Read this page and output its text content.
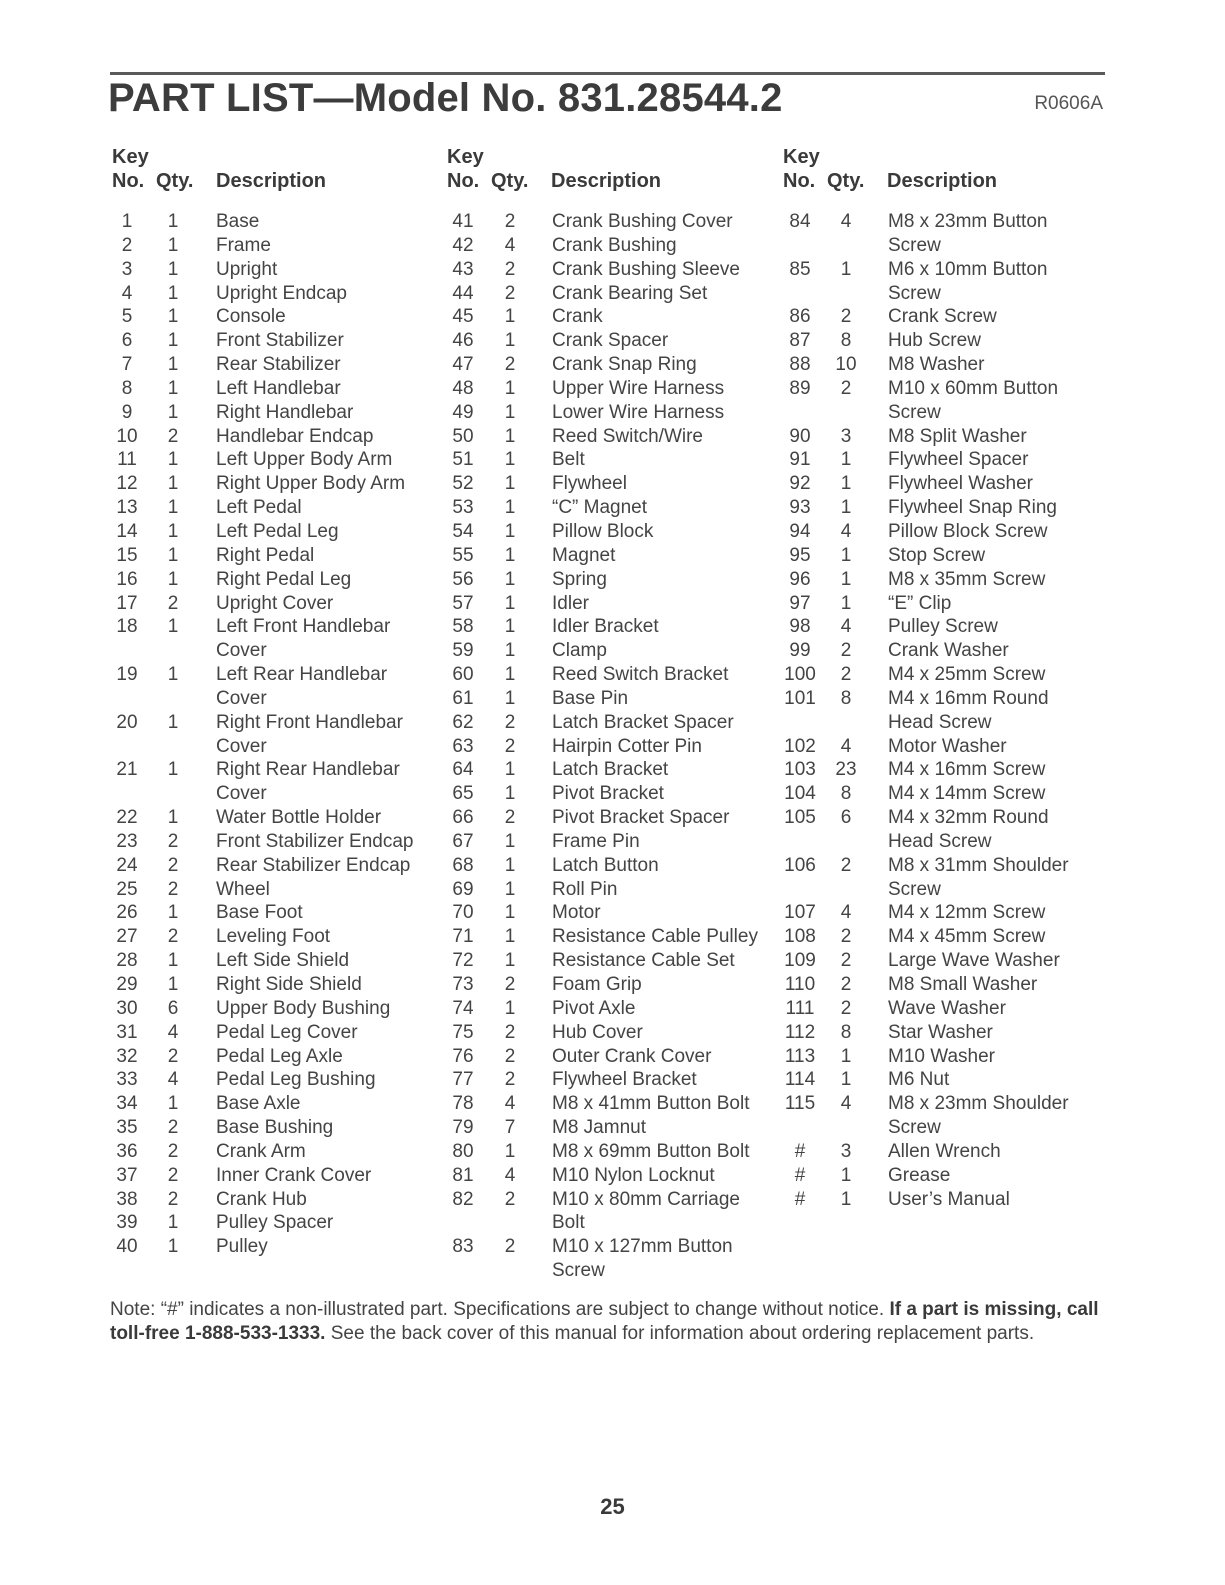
PART LIST—Model No. 831.28544.2	R0606A
Key
No. Qty. Description
1	1	Base
2	1	Frame
3	1	Upright
4	1	Upright Endcap
5	1	Console
6	1	Front Stabilizer
7	1	Rear Stabilizer
8	1	Left Handlebar
9	1	Right Handlebar
10	2	Handlebar Endcap
11	1	Left Upper Body Arm
12	1	Right Upper Body Arm
13	1	Left Pedal
14	1	Left Pedal Leg
15	1	Right Pedal
16	1	Right Pedal Leg
17	2	Upright Cover
18	1	Left Front Handlebar
Cover
19	1	Left Rear Handlebar
Cover
20	1	Right Front Handlebar
Cover
21	1	Right Rear Handlebar
Cover
22	1	Water Bottle Holder
23	2	Front Stabilizer Endcap
24	2	Rear Stabilizer Endcap
25	2	Wheel
26	1	Base Foot
27	2	Leveling Foot
28	1	Left Side Shield
29	1	Right Side Shield
30	6	Upper Body Bushing
31	4	Pedal Leg Cover
32	2	Pedal Leg Axle
33	4	Pedal Leg Bushing
34	1	Base Axle
35	2	Base Bushing
36	2	Crank Arm
37	2	Inner Crank Cover
38	2	Crank Hub
39	1	Pulley Spacer
40	1	Pulley
Key
No. Qty. Description
41	2	Crank Bushing Cover
42	4	Crank Bushing
43	2	Crank Bushing Sleeve
44	2	Crank Bearing Set
45	1	Crank
46	1	Crank Spacer
47	2	Crank Snap Ring
48	1	Upper Wire Harness
49	1	Lower Wire Harness
50	1	Reed Switch/Wire
51	1	Belt
52	1	Flywheel
53	1	“C” Magnet
54	1	Pillow Block
55	1	Magnet
56	1	Spring
57	1	Idler
58	1	Idler Bracket
59	1	Clamp
60	1	Reed Switch Bracket
61	1	Base Pin
62	2	Latch Bracket Spacer
63	2	Hairpin Cotter Pin
64	1	Latch Bracket
65	1	Pivot Bracket
66	2	Pivot Bracket Spacer
67	1	Frame Pin
68	1	Latch Button
69	1	Roll Pin
70	1	Motor
71	1	Resistance Cable Pulley
72	1	Resistance Cable Set
73	2	Foam Grip
74	1	Pivot Axle
75	2	Hub Cover
76	2	Outer Crank Cover
77	2	Flywheel Bracket
78	4	M8 x 41mm Button Bolt
79	7	M8 Jamnut
80	1	M8 x 69mm Button Bolt
81	4	M10 Nylon Locknut
82	2	M10 x 80mm Carriage
Bolt
83	2	M10 x 127mm Button
Screw
Key
No. Qty. Description
84	4	M8 x 23mm Button
Screw
85	1	M6 x 10mm Button
Screw
86	2	Crank Screw
87	8	Hub Screw
88	10	M8 Washer
89	2	M10 x 60mm Button
Screw
90	3	M8 Split Washer
91	1	Flywheel Spacer
92	1	Flywheel Washer
93	1	Flywheel Snap Ring
94	4	Pillow Block Screw
95	1	Stop Screw
96	1	M8 x 35mm Screw
97	1	“E” Clip
98	4	Pulley Screw
99	2	Crank Washer
100	2	M4 x 25mm Screw
101	8	M4 x 16mm Round
Head Screw
102	4	Motor Washer
103	23	M4 x 16mm Screw
104	8	M4 x 14mm Screw
105	6	M4 x 32mm Round
Head Screw
106	2	M8 x 31mm Shoulder
Screw
107	4	M4 x 12mm Screw
108	2	M4 x 45mm Screw
109	2	Large Wave Washer
110	2	M8 Small Washer
111	2	Wave Washer
112	8	Star Washer
113	1	M10 Washer
114	1	M6 Nut
115	4	M8 x 23mm Shoulder
Screw
#	3	Allen Wrench
#	1	Grease
#	1	User’s Manual
Note: “#” indicates a non-illustrated part. Specifications are subject to change without notice. If a part is missing, call toll-free 1-888-533-1333. See the back cover of this manual for information about ordering replacement parts.
25
